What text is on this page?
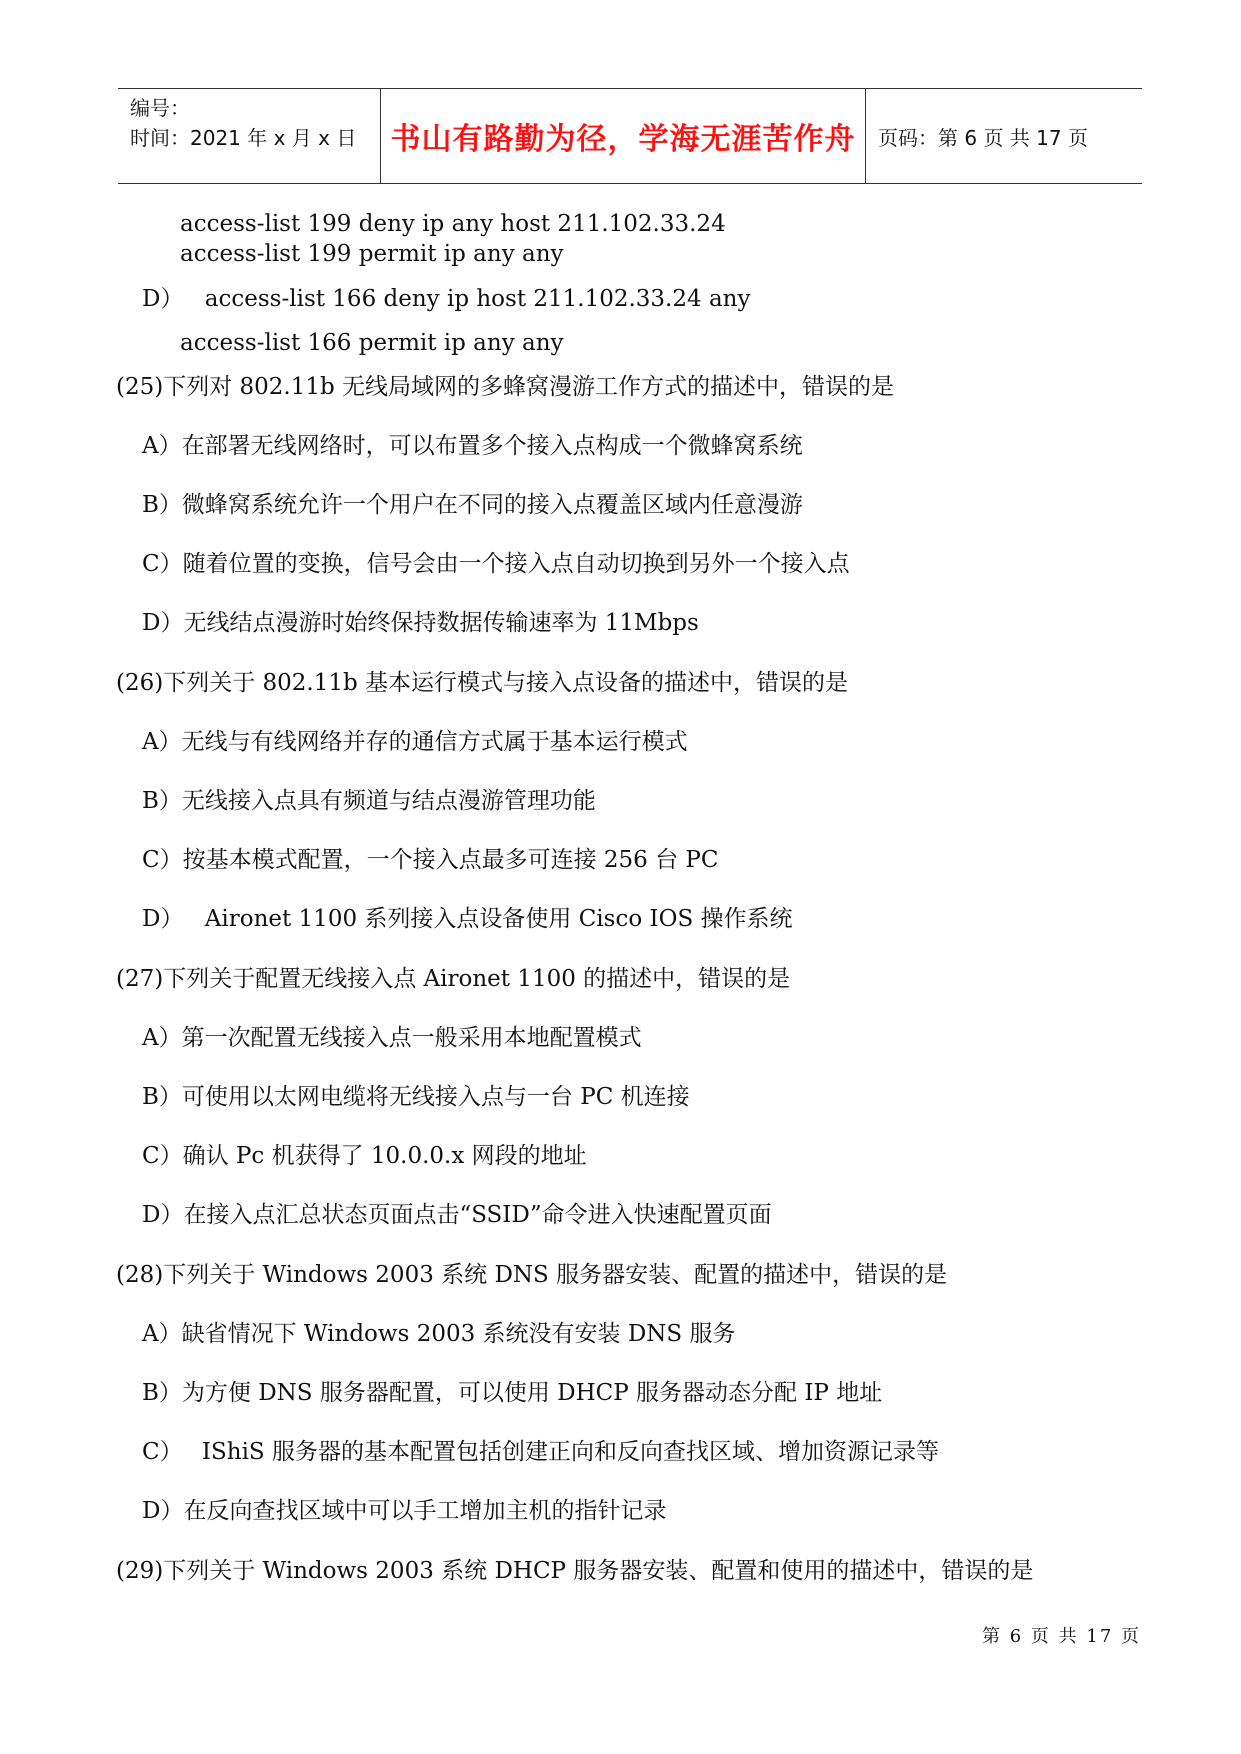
编号：
时间：2021 年 x 月 x 日	书山有路勤为径，学海无涯苦作舟	页码：第 6 页 共 17 页
access-list 199 deny ip any host 211.102.33.24
access-list 199 permit ip any any
D） access-list 166 deny ip host 211.102.33.24 any
access-list 166 permit ip any any
(25)下列对 802.11b 无线局域网的多蜂窝漫游工作方式的描述中，错误的是
A）在部署无线网络时，可以布置多个接入点构成一个微蜂窝系统
B）微蜂窝系统允许一个用户在不同的接入点覆盖区域内任意漫游
C）随着位置的变换，信号会由一个接入点自动切换到另外一个接入点
D）无线结点漫游时始终保持数据传输速率为 11Mbps
(26)下列关于 802.11b 基本运行模式与接入点设备的描述中，错误的是
A）无线与有线网络并存的通信方式属于基本运行模式
B）无线接入点具有频道与结点漫游管理功能
C）按基本模式配置，一个接入点最多可连接 256 台 PC
D） Aironet 1100 系列接入点设备使用 Cisco IOS 操作系统
(27)下列关于配置无线接入点 Aironet 1100 的描述中，错误的是
A）第一次配置无线接入点一般采用本地配置模式
B）可使用以太网电缆将无线接入点与一台 PC 机连接
C）确认 Pc 机获得了 10.0.0.x 网段的地址
D）在接入点汇总状态页面点击“SSID”命令进入快速配置页面
(28)下列关于 Windows 2003 系统 DNS 服务器安装、配置的描述中，错误的是
A）缺省情况下 Windows 2003 系统没有安装 DNS 服务
B）为方便 DNS 服务器配置，可以使用 DHCP 服务器动态分配 IP 地址
C） IShiS 服务器的基本配置包括创建正向和反向查找区域、增加资源记录等
D）在反向查找区域中可以手工增加主机的指针记录
(29)下列关于 Windows 2003 系统 DHCP 服务器安装、配置和使用的描述中，错误的是
第 6 页 共 17 页
